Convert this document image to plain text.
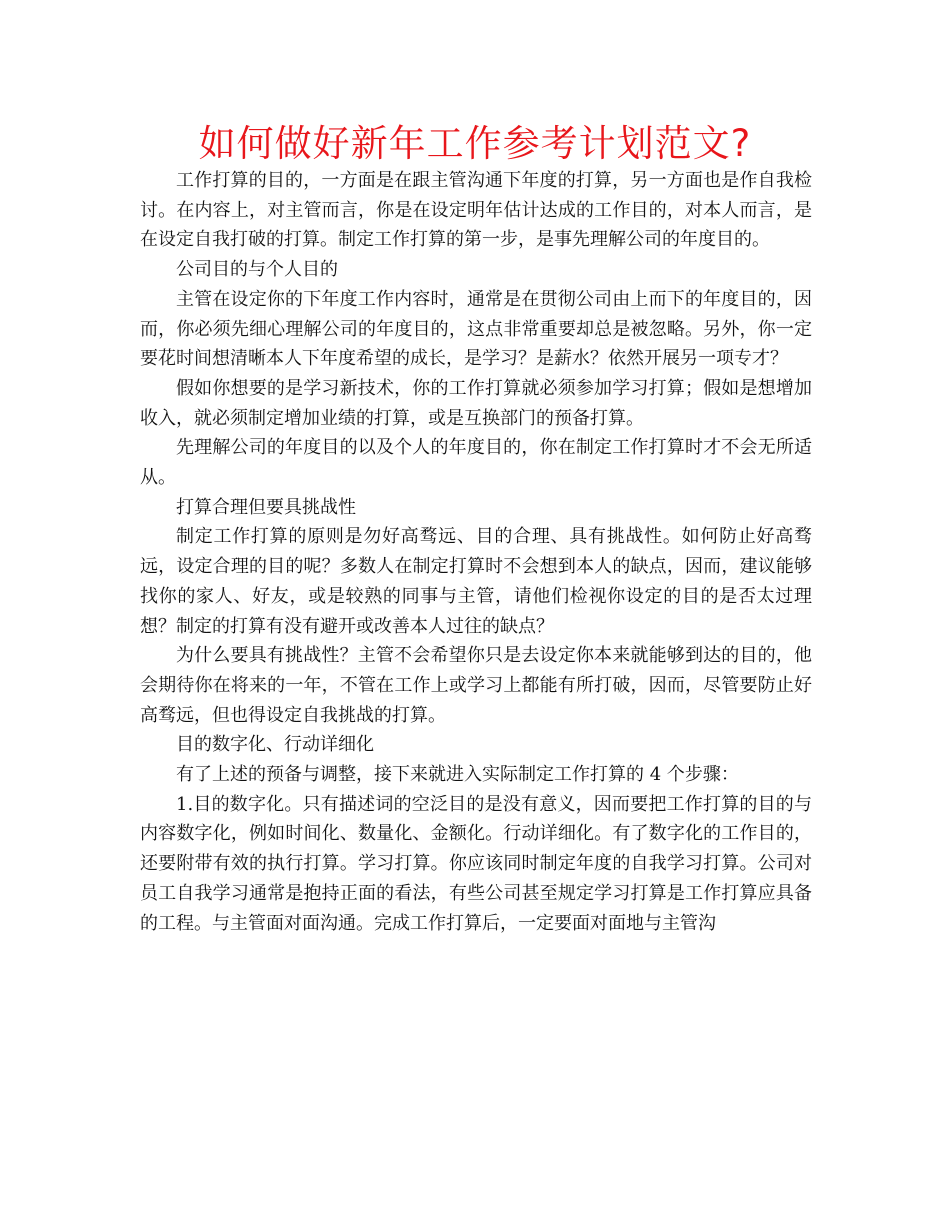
如何做好新年工作参考计划范文?

工作打算的目的，一方面是在跟主管沟通下年度的打算，另一方面也是作自我检讨。在内容上，对主管而言，你是在设定明年估计达成的工作目的，对本人而言，是在设定自我打破的打算。制定工作打算的第一步，是事先理解公司的年度目的。

公司目的与个人目的

主管在设定你的下年度工作内容时，通常是在贯彻公司由上而下的年度目的，因而，你必须先细心理解公司的年度目的，这点非常重要却总是被忽略。另外，你一定要花时间想清晰本人下年度希望的成长，是学习？是薪水？依然开展另一项专才？

假如你想要的是学习新技术，你的工作打算就必须参加学习打算；假如是想增加收入，就必须制定增加业绩的打算，或是互换部门的预备打算。

先理解公司的年度目的以及个人的年度目的，你在制定工作打算时才不会无所适从。

打算合理但要具挑战性

制定工作打算的原则是勿好高骛远、目的合理、具有挑战性。如何防止好高骛远，设定合理的目的呢？多数人在制定打算时不会想到本人的缺点，因而，建议能够找你的家人、好友，或是较熟的同事与主管，请他们检视你设定的目的是否太过理想？制定的打算有没有避开或改善本人过往的缺点？

为什么要具有挑战性？主管不会希望你只是去设定你本来就能够到达的目的，他会期待你在将来的一年，不管在工作上或学习上都能有所打破，因而，尽管要防止好高骛远，但也得设定自我挑战的打算。

目的数字化、行动详细化

有了上述的预备与调整，接下来就进入实际制定工作打算的 4 个步骤：

1.目的数字化。只有描述词的空泛目的是没有意义，因而要把工作打算的目的与内容数字化，例如时间化、数量化、金额化。行动详细化。有了数字化的工作目的，还要附带有效的执行打算。学习打算。你应该同时制定年度的自我学习打算。公司对员工自我学习通常是抱持正面的看法，有些公司甚至规定学习打算是工作打算应具备的工程。与主管面对面沟通。完成工作打算后，一定要面对面地与主管沟
